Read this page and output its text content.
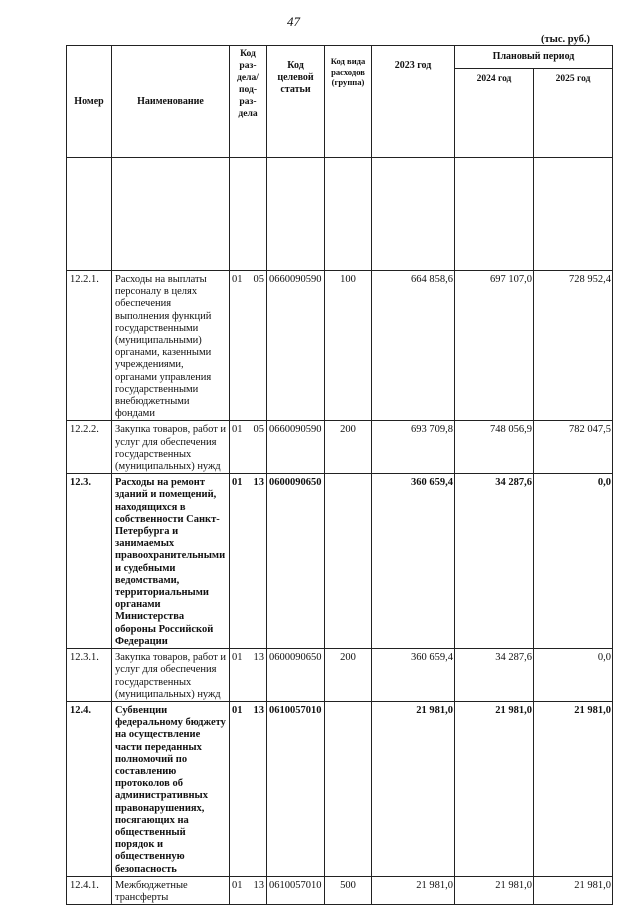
47
(тыс. руб.)
Номер	Наименование	Код раз-дела/ под-раз-дела	Код целевой статьи	Код вида расходов (группа)	2023 год	Плановый период	
						2024 год	2025 год

12.2.1.	Расходы на выплаты персоналу в целях обеспечения выполнения функций государственными (муниципальными) органами, казенными учреждениями, органами управления государственными внебюджетными фондами	01 05	0660090590	100	664 858,6	697 107,0	728 952,4
12.2.2.	Закупка товаров, работ и услуг для обеспечения государственных (муниципальных) нужд	01 05	0660090590	200	693 709,8	748 056,9	782 047,5
12.3.	Расходы на ремонт зданий и помещений, находящихся в собственности Санкт-Петербурга и занимаемых правоохранительными и судебными ведомствами, территориальными органами Министерства обороны Российской Федерации	01 13	0600090650		360 659,4	34 287,6	0,0
12.3.1.	Закупка товаров, работ и услуг для обеспечения государственных (муниципальных) нужд	01 13	0600090650	200	360 659,4	34 287,6	0,0
12.4.	Субвенции федеральному бюджету на осуществление части переданных полномочий по составлению протоколов об административных правонарушениях, посягающих на общественный порядок и общественную безопасность	01 13	0610057010		21 981,0	21 981,0	21 981,0
12.4.1.	Межбюджетные трансферты	01 13	0610057010	500	21 981,0	21 981,0	21 981,0
